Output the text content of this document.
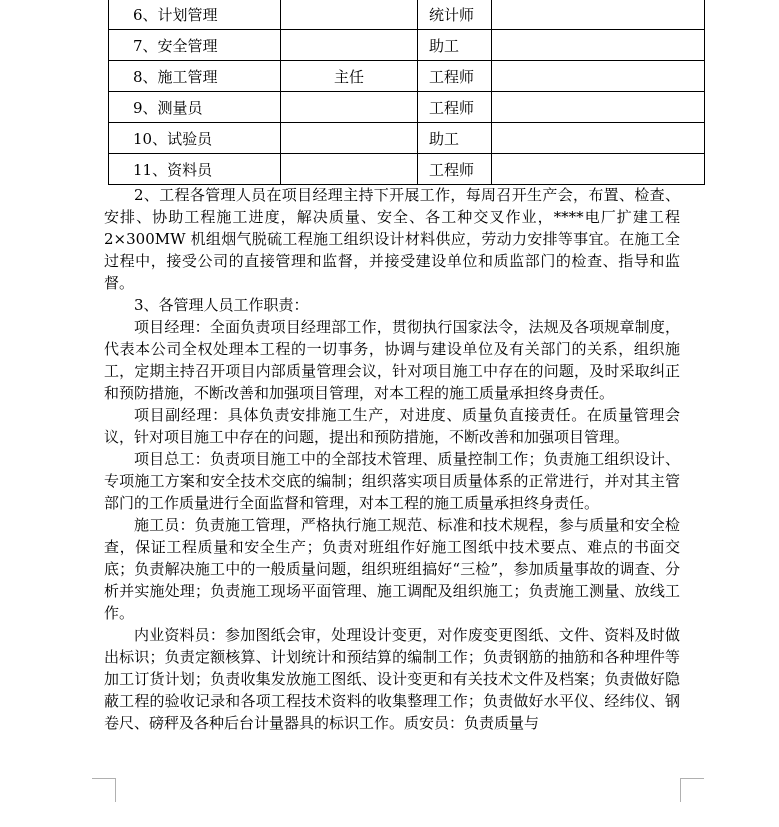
6、计划管理		统计师	
7、安全管理		助工	
8、施工管理	主任	工程师	
9、测量员		工程师	
10、试验员		助工	
11、资料员		工程师	

2、工程各管理人员在项目经理主持下开展工作，每周召开生产会，布置、检查、安排、协助工程施工进度，解决质量、安全、各工种交叉作业，****电厂扩建工程 2×300MW 机组烟气脱硫工程施工组织设计材料供应，劳动力安排等事宜。在施工全过程中，接受公司的直接管理和监督，并接受建设单位和质监部门的检查、指导和监督。

3、各管理人员工作职责：

项目经理：全面负责项目经理部工作，贯彻执行国家法令，法规及各项规章制度，代表本公司全权处理本工程的一切事务，协调与建设单位及有关部门的关系，组织施工，定期主持召开项目内部质量管理会议，针对项目施工中存在的问题，及时采取纠正和预防措施，不断改善和加强项目管理，对本工程的施工质量承担终身责任。

项目副经理：具体负责安排施工生产，对进度、质量负直接责任。在质量管理会议，针对项目施工中存在的问题，提出和预防措施，不断改善和加强项目管理。

项目总工：负责项目施工中的全部技术管理、质量控制工作；负责施工组织设计、专项施工方案和安全技术交底的编制；组织落实项目质量体系的正常进行，并对其主管部门的工作质量进行全面监督和管理，对本工程的施工质量承担终身责任。

施工员：负责施工管理，严格执行施工规范、标准和技术规程，参与质量和安全检查，保证工程质量和安全生产；负责对班组作好施工图纸中技术要点、难点的书面交底；负责解决施工中的一般质量问题，组织班组搞好“三检”，参加质量事故的调查、分析并实施处理；负责施工现场平面管理、施工调配及组织施工；负责施工测量、放线工作。

内业资料员：参加图纸会审，处理设计变更，对作废变更图纸、文件、资料及时做出标识；负责定额核算、计划统计和预结算的编制工作；负责钢筋的抽筋和各种埋件等加工订货计划；负责收集发放施工图纸、设计变更和有关技术文件及档案；负责做好隐蔽工程的验收记录和各项工程技术资料的收集整理工作；负责做好水平仪、经纬仪、钢卷尺、磅秤及各种后台计量器具的标识工作。质安员：负责质量与
